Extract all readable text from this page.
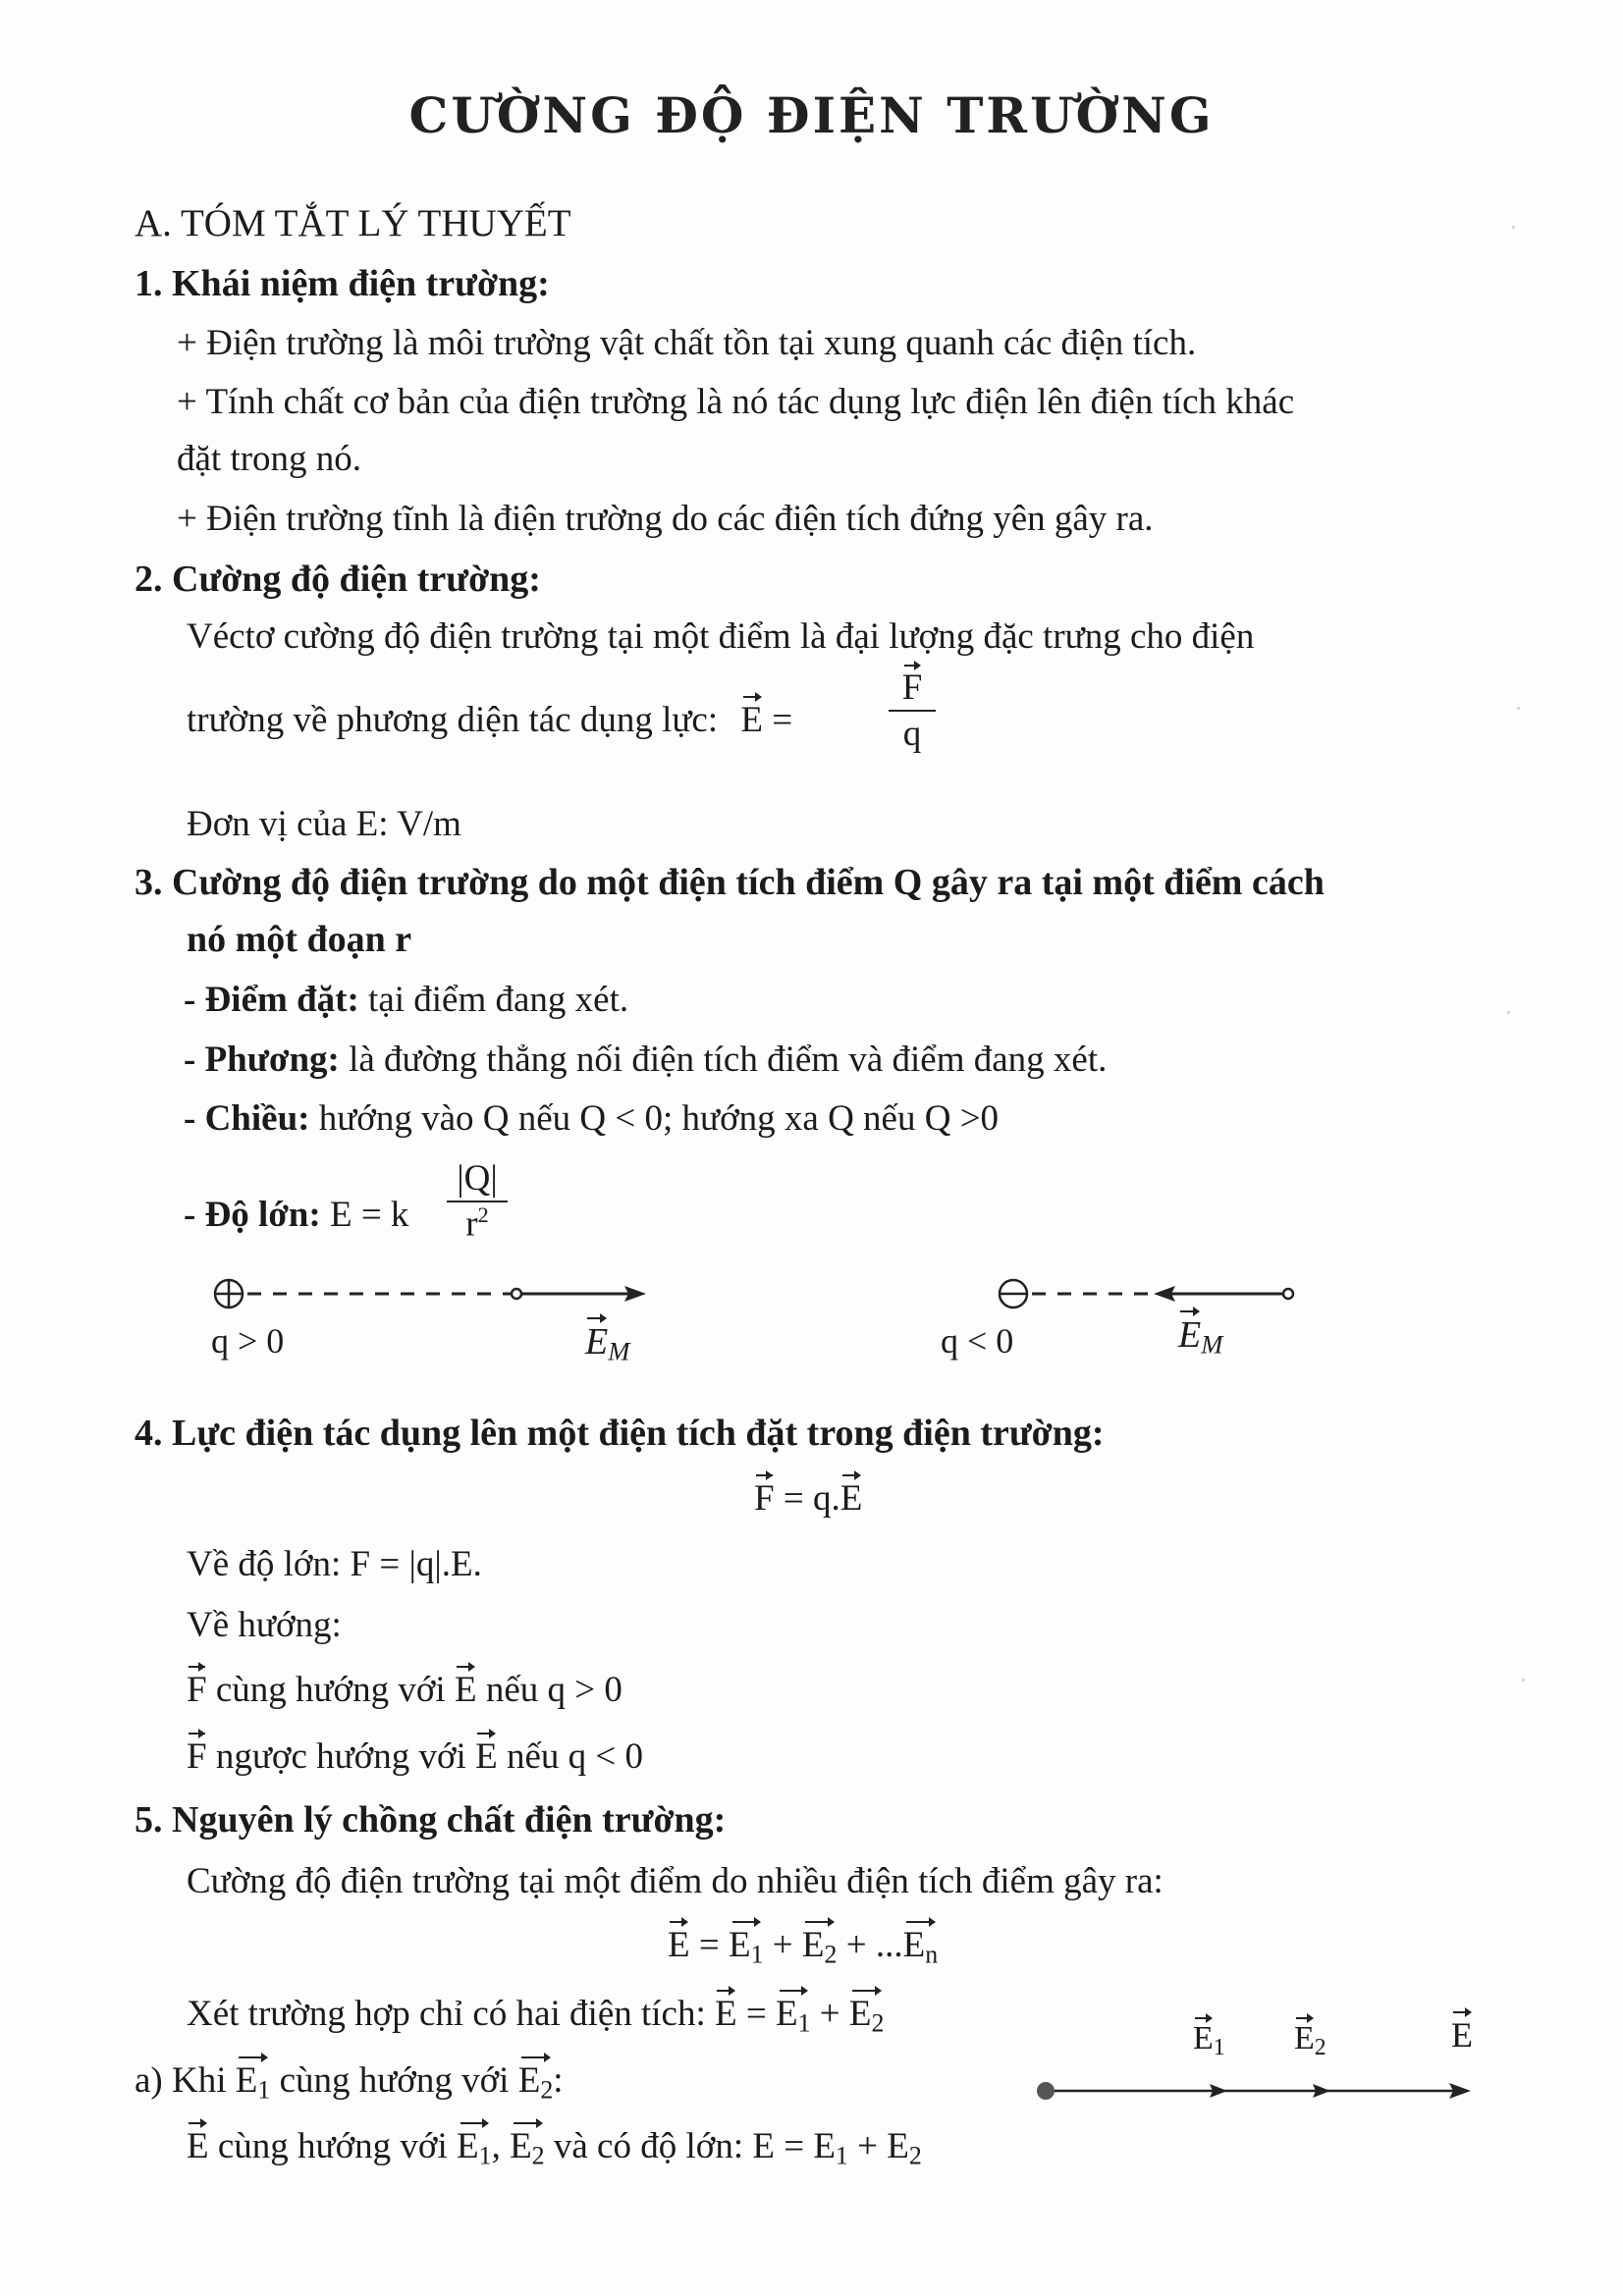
CƯỜNG ĐỘ ĐIỆN TRƯỜNG
A. TÓM TẮT LÝ THUYẾT
1. Khái niệm điện trường:
+ Điện trường là môi trường vật chất tồn tại xung quanh các điện tích.
+ Tính chất cơ bản của điện trường là nó tác dụng lực điện lên điện tích khác
đặt trong nó.
+ Điện trường tĩnh là điện trường do các điện tích đứng yên gây ra.
2. Cường độ điện trường:
Véctơ cường độ điện trường tại một điểm là đại lượng đặc trưng cho điện
trường về phương diện tác dụng lực: E =
F
q
Đơn vị của E: V/m
3. Cường độ điện trường do một điện tích điểm Q gây ra tại một điểm cách
nó một đoạn r
- Điểm đặt: tại điểm đang xét.
- Phương: là đường thẳng nối điện tích điểm và điểm đang xét.
- Chiều: hướng vào Q nếu Q < 0; hướng xa Q nếu Q >0
- Độ lớn: E = k $\frac{|Q|}{r^2}$
q > 0	$E_M$	q < 0	$E_M$
4. Lực điện tác dụng lên một điện tích đặt trong điện trường:
F = q.E
Về độ lớn: F = |q|.E.
Về hướng:
F cùng hướng với E nếu q > 0
F ngược hướng với E nếu q < 0
5. Nguyên lý chồng chất điện trường:
Cường độ điện trường tại một điểm do nhiều điện tích điểm gây ra:
$E = E_1 + E_2 + ...E_n$
Xét trường hợp chỉ có hai điện tích: $E = E_1 + E_2$
a) Khi $E_1$ cùng hướng với $E_2$:
E cùng hướng với $E_1$, $E_2$ và có độ lớn: $E = E_1 + E_2$
$E_1$ $E_2$	E
